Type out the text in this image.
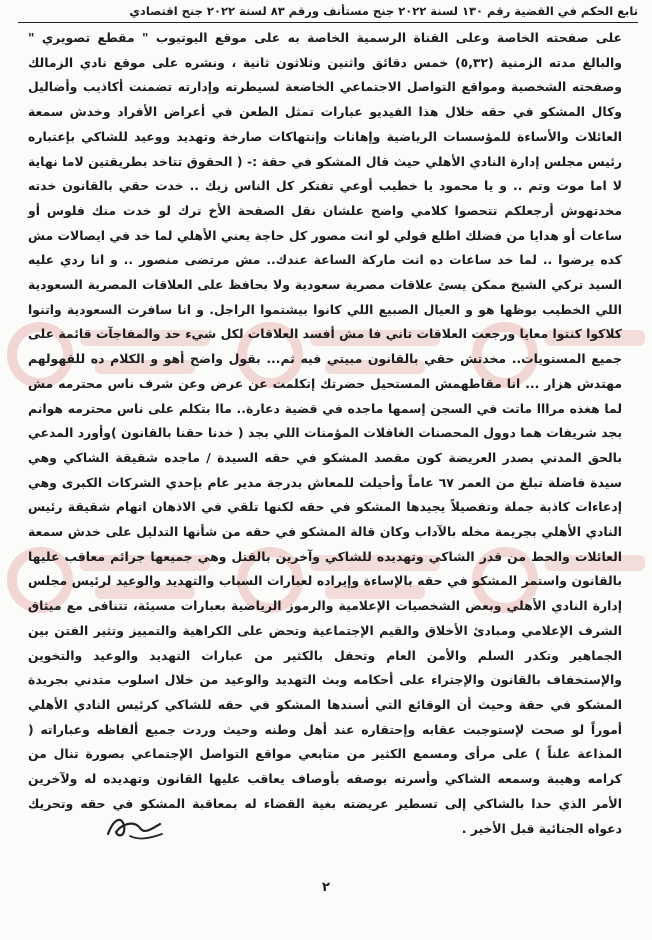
تابع الحكم في القضية رقم ١٣٠ لسنة ٢٠٢٢ جنح مستأنف ورقم ٨٣ لسنة ٢٠٢٢ جنح اقتصادي

على صفحته الخاصة وعلى القناة الرسمية الخاصة به على موقع اليوتيوب " مقطع تصويري " والبالغ مدته الزمنية (٥,٣٢) خمس دقائق واثنين وثلاثون ثانية ، ونشره على موقع نادي الزمالك وصفحته الشخصية ومواقع التواصل الاجتماعي الخاضعة لسيطرته وإدارته تضمنت أكاذيب وأضاليل وكال المشكو في حقه خلال هذا الفيديو عبارات تمثل الطعن في أعراض الأفراد وخدش سمعة العائلات والأساءة للمؤسسات الرياضية وإهانات وإنتهاكات صارخة وتهديد ووعيد للشاكي بإعتباره رئيس مجلس إدارة النادي الأهلي حيث قال المشكو في حقة :- ( الحقوق تتاخد بطريقتين لاما نهاية لا اما موت وتم .. و يا محمود يا خطيب أوعي تفتكر كل الناس زيك .. خدت حقي بالقانون خدته مخدتهوش أرجعلكم تتحصوا كلامي واضح علشان نقل الصفحة الأخ ترك لو خدت منك فلوس أو ساعات أو هدايا من فضلك اطلع قولي لو انت مصور كل حاجة يعني الأهلي لما خد في ايصالات مش كده يرضوا .. لما خد ساعات ده انت ماركة الساعة عندك.. مش مرتضى منصور .. و انا ردي عليه السيد تركي الشيخ ممكن يسئ علاقات مصرية سعودية ولا بحافظ على العلاقات المصرية السعودية اللي الخطيب بوظها هو و العيال الصبيع اللي كانوا بيشتموا الراجل. و انا سافرت السعودية واتنوا كلاكوا كنتوا معايا ورجعت العلاقات تاني فا مش أفسد العلاقات لكل شيء حد والمفاجآت قائمة على جميع المستويات.. مخدتش حقي بالقانون مبيتي فيه ثم... بقول واضح أهو و الكلام ده للقهولهم مهتدش هزار ... انا مقاطهمش المستحيل حضرتك إتكلمت عن عرض وعن شرف ناس محترمه مش لما هغذه مرااا ماتت في السجن إسمها ماجده في قضية دعارة.. ماا بتكلم على ناس محترمه هوانم بجد شريفات هما دوول المحصنات الغافلات المؤمنات اللي بجد ( خدنا حقنا بالقانون )وأورد المدعي بالحق المدني بصدر العريضة كون مقصد المشكو في حقه السيدة / ماجده شقيقة الشاكي وهي سيدة فاضلة تبلغ من العمر ٦٧ عاماً وأحيلت للمعاش بدرجة مدير عام بإحدي الشركات الكبرى وهي إدعاءات كاذبة جملة وتفصيلاً يجيدها المشكو في حقه لكنها تلقي في الاذهان اتهام شقيقة رئيس النادي الأهلي بجريمة مخله بالآداب وكان قالة المشكو في حقه من شأنها التدليل على خدش سمعة العائلات والحط من قدر الشاكي وتهديده للشاكي وآخرين بالقتل وهي جميعها جرائم معاقب عليها بالقانون واستمر المشكو في حقه بالإساءة وإيراده لعبارات السباب والتهديد والوعيد لرئيس مجلس إدارة النادي الأهلي وبعض الشخصيات الإعلامية والرموز الرياضية بعبارات مسيئة، تتنافى مع ميثاق الشرف الإعلامي ومبادئ الأخلاق والقيم الإجتماعية وتحض على الكراهية والتمييز وتثير الفتن بين الجماهير وتكدر السلم والأمن العام وتحفل بالكثير من عبارات التهديد والوعيد والتخوين والإستخفاف بالقانون والإجتراء على أحكامه وبث التهديد والوعيد من خلال اسلوب متدني بجريدة المشكو في حقة وحيث أن الوقائع التي أسندها المشكو في حقه للشاكي كرئيس النادي الأهلي أموراً لو صحت لإستوجبت عقابه وإحتقاره عند أهل وطنه وحيث وردت جميع ألفاظه وعباراته ( المذاعة علناً ) على مرأى ومسمع الكثير من متابعي مواقع التواصل الإجتماعي بصورة تنال من كرامه وهيبة وسمعه الشاكي وأسرته بوصفه بأوصاف يعاقب عليها القانون وتهديده له ولآخرين الأمر الذي حدا بالشاكي إلى تسطير عريضته بغية القضاء له بمعاقبة المشكو في حقه وتحريك دعواه الجنائية قبل الأخير .

٢
